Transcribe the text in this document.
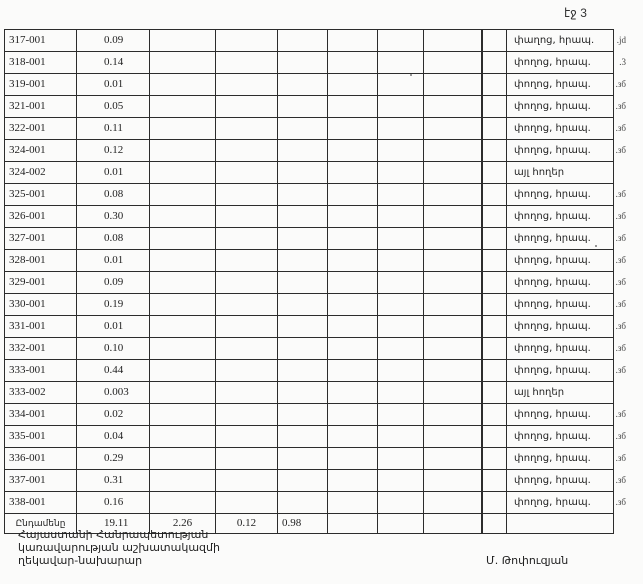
էջ 3
317-001	0.09								փաղոց, հրապ.	.jd
318-001	0.14								փողոց, հրապ.	.3
319-001	0.01								փողոց, հրապ.	.зб
321-001	0.05								փողոց, հրապ.	.зб
322-001	0.11								փողոց, հրապ.	.зб
324-001	0.12								փողոց, հրապ.	.зб
324-002	0.01								այլ հողեր	
325-001	0.08								փողոց, հրապ.	.зб
326-001	0.30								փողոց, հրապ.	.зб
327-001	0.08								փողոց, հրապ.	.зб
328-001	0.01								փողոց, հրապ.	.зб
329-001	0.09								փողոց, հրապ.	.зб
330-001	0.19								փողոց, հրապ.	.зб
331-001	0.01								փողոց, հրապ.	.зб
332-001	0.10								փողոց, հրապ.	.зб
333-001	0.44								փողոց, հրապ.	.зб
333-002	0.003								այլ հողեր	
334-001	0.02								փողոց, հրապ.	.зб
335-001	0.04								փողոց, հրապ.	.зб
336-001	0.29								փողոց, հրապ.	.зб
337-001	0.31								փողոց, հրապ.	.зб
338-001	0.16								փողոց, հրապ.	.зб
Ընդամենը	19.11	2.26	0.12	0.98						
Հայաստանի Հանրապետության
կառավարության աշխատակազմի
ղեկավար-նախարար	Մ. Թոփուզյան
